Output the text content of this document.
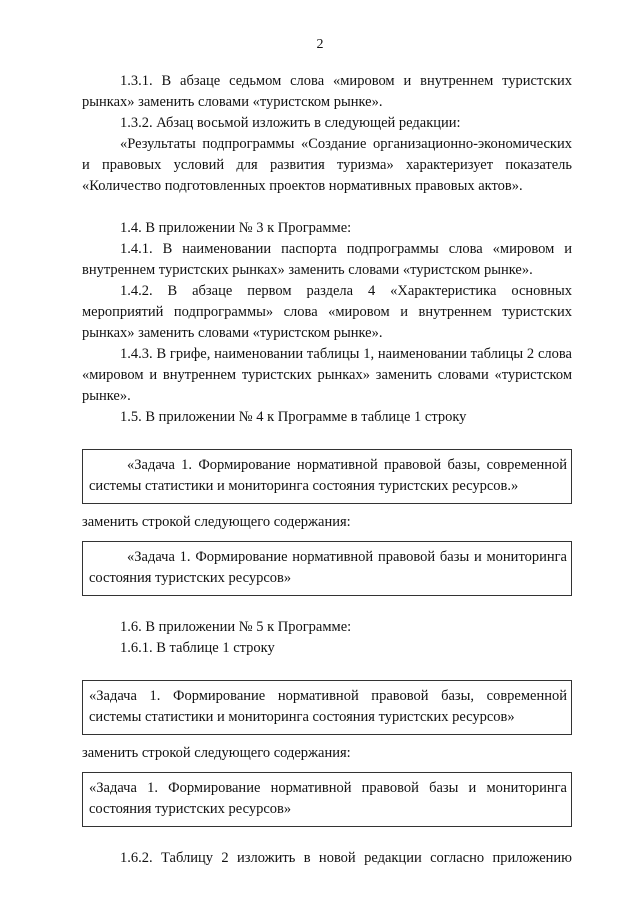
2

1.3.1. В абзаце седьмом слова «мировом и внутреннем туристских рынках» заменить словами «туристском рынке».

1.3.2. Абзац восьмой изложить в следующей редакции:

«Результаты подпрограммы «Создание организационно-экономических и правовых условий для развития туризма» характеризует показатель «Количество подготовленных проектов нормативных правовых актов».

1.4. В приложении № 3 к Программе:

1.4.1. В наименовании паспорта подпрограммы слова «мировом и внутреннем туристских рынках» заменить словами «туристском рынке».

1.4.2. В абзаце первом раздела 4 «Характеристика основных мероприятий подпрограммы» слова «мировом и внутреннем туристских рынках» заменить словами «туристском рынке».

1.4.3. В грифе, наименовании таблицы 1, наименовании таблицы 2 слова «мировом и внутреннем туристских рынках» заменить словами «туристском рынке».

1.5. В приложении № 4 к Программе в таблице 1 строку

«Задача 1. Формирование нормативной правовой базы, современной системы статистики и мониторинга состояния туристских ресурсов.»

заменить строкой следующего содержания:

«Задача 1. Формирование нормативной правовой базы и мониторинга состояния туристских ресурсов»

1.6. В приложении № 5 к Программе:

1.6.1. В таблице 1 строку

«Задача 1. Формирование нормативной правовой базы, современной системы статистики и мониторинга состояния туристских ресурсов»

заменить строкой следующего содержания:

«Задача 1. Формирование нормативной правовой базы и мониторинга состояния туристских ресурсов»

1.6.2. Таблицу 2 изложить в новой редакции согласно приложению
